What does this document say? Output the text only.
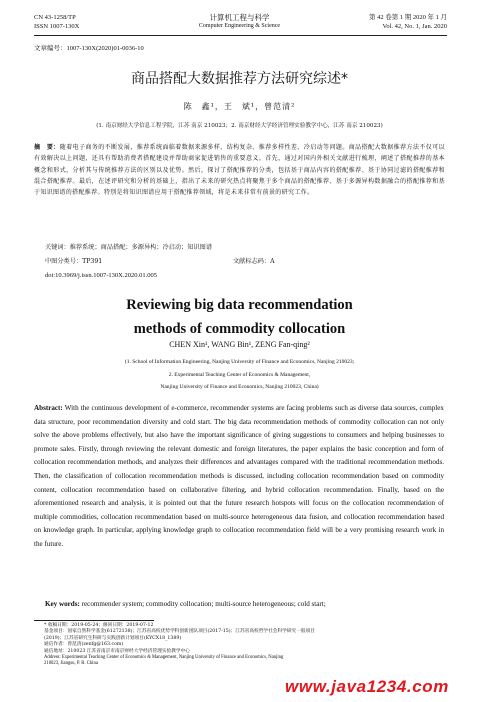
CN 43-1258/TP
ISSN 1007-130X
计算机工程与科学
Computer Engineering & Science
第 42 卷第 1 期 2020 年 1 月
Vol. 42, No. 1, Jan. 2020
文章编号：1007-130X(2020)01-0036-10
商品搭配大数据推荐方法研究综述*
陈　鑫¹，王　斌¹，曾范清²
(1. 南京财经大学信息工程学院，江苏 南京 210023；2. 南京财经大学经济管理实验教学中心，江苏 南京 210023)
摘　要：随着电子商务的不断发展，推荐系统面临着数据来源多样、结构复杂、推荐多样性差、冷启动等问题。商品搭配大数据推荐方法不仅可以有效解决以上问题，还具有帮助消费者搭配建设并帮助商家促进销售的重要意义。首先，通过对国内外相关文献进行梳理，阐述了搭配推荐的基本概念和形式，分析其与传统推荐方法的区别以及优势。然后，探讨了搭配推荐的分类，包括基于商品内容的搭配推荐、基于协同过滤的搭配推荐和混合搭配推荐。最后，在述评研究和分析的基础上，指出了未来的研究热点将聚焦于多个商品的搭配推荐、基于多源异构数据融合的搭配推荐和基于知识图谱的搭配推荐。特别是将知识图谱应用于搭配推荐领域，将是未来非常有前景的研究工作。
关键词：推荐系统；商品搭配；多源异构；冷启动；知识图谱
中图分类号：TP391	文献标志码：A
doi:10.3969/j.issn.1007-130X.2020.01.005
Reviewing big data recommendation
methods of commodity collocation
CHEN Xin¹, WANG Bin¹, ZENG Fan-qing²
(1. School of Information Engineering, Nanjing University of Finance and Economics, Nanjing 210023;
2. Experimental Teaching Center of Economics & Management,
Nanjing University of Finance and Economics, Nanjing 210023, China)
Abstract: With the continuous development of e-commerce, recommender systems are facing problems such as diverse data sources, complex data structure, poor recommendation diversity and cold start. The big data recommendation methods of commodity collocation can not only solve the above problems effectively, but also have the important significance of giving suggestions to consumers and helping businesses to promote sales. Firstly, through reviewing the relevant domestic and foreign literatures, the paper explains the basic conception and form of collocation recommendation methods, and analyzes their differences and advantages compared with the traditional recommendation methods. Then, the classification of collocation recommendation methods is discussed, including collocation recommendation based on commodity content, collocation recommendation based on collaborative filtering, and hybrid collocation recommendation. Finally, based on the aforementioned research and analysis, it is pointed out that the future research hotspots will focus on the collocation recommendation of multiple commodities, collocation recommendation based on multi-source heterogeneous data fusion, and collocation recommendation based on knowledge graph. In particular, applying knowledge graph to collocation recommendation field will be a very promising research work in the future.
Key words: recommender system; commodity collocation; multi-source heterogeneous; cold start;
* 收稿日期：2019-05-24；修回日期：2019-07-12
基金项目：国家自然科学基金(61272138)；江苏省高校优势学科创新团队项目(2017-15)；江苏省高校哲学社会科学研究一般项目
(2019)；江苏省研究生科研与实践创新计划项目(KYCX18_1389)
通信作者：曾范清(zenfg@163.com)
通信地址：210023 江苏省南京市南京财经大学经济管理实验教学中心
Address: Experimental Teaching Center of Economics & Management, Nanjing University of Finance and Economics, Nanjing
210023, Jiangsu, P. R. China
www.java1234.com
